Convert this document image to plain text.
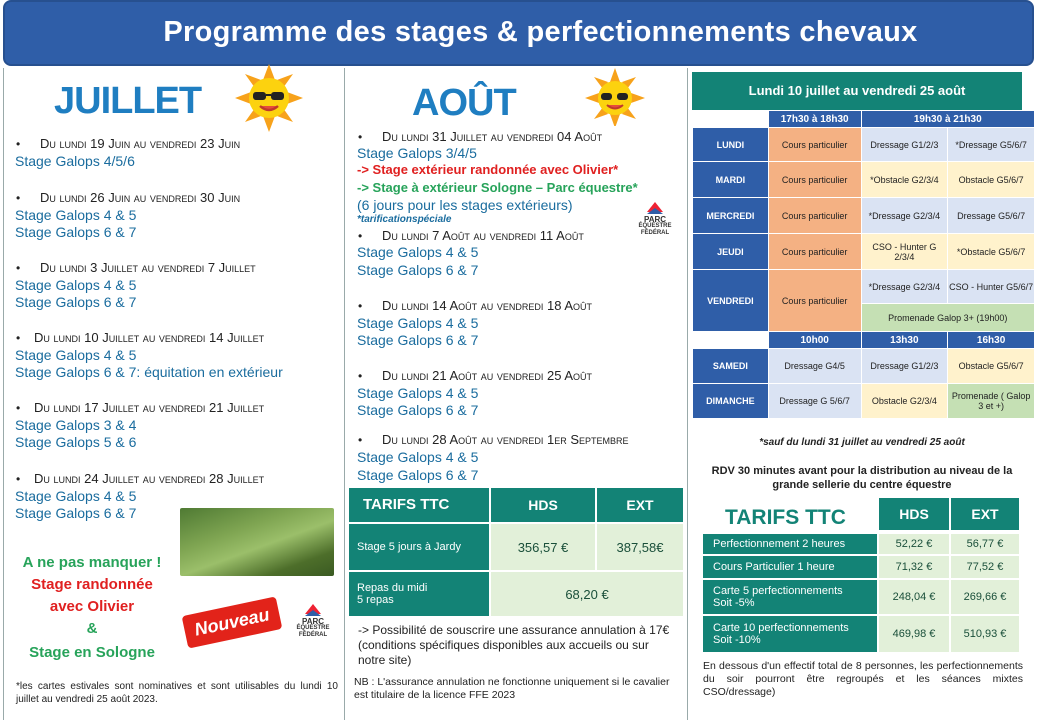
Programme des stages & perfectionnements chevaux
JUILLET
• Du lundi 19 Juin au vendredi 23 Juin
Stage Galops 4/5/6
• Du lundi 26 Juin au vendredi 30 Juin
Stage Galops 4 & 5
Stage Galops 6 & 7
• Du lundi 3 Juillet au vendredi 7 Juillet
Stage Galops 4 & 5
Stage Galops 6 & 7
• Du lundi 10 Juillet au vendredi 14 Juillet
Stage Galops 4 & 5
Stage Galops 6 & 7: équitation en extérieur
• Du lundi 17 Juillet au vendredi 21 Juillet
Stage Galops 3 & 4
Stage Galops 5 & 6
• Du lundi 24 Juillet au vendredi 28 Juillet
Stage Galops 4 & 5
Stage Galops 6 & 7
A ne pas manquer !
Stage randonnée
avec Olivier
&
Stage en Sologne
Nouveau	PARC
ÉQUESTRE
FÉDÉRAL
*les cartes estivales sont nominatives et sont utilisables du lundi 10 juillet au vendredi 25 août 2023.
AOÛT
• Du lundi 31 Juillet au vendredi 04 Août
Stage Galops 3/4/5
-> Stage extérieur randonnée avec Olivier*
-> Stage à extérieur Sologne – Parc équestre*
(6 jours pour les stages extérieurs)
*tarificationspéciale	PARC
ÉQUESTRE
FÉDÉRAL
• Du lundi 7 Août au vendredi 11 Août
Stage Galops 4 & 5
Stage Galops 6 & 7
• Du lundi 14 Août au vendredi 18 Août
Stage Galops 4 & 5
Stage Galops 6 & 7
• Du lundi 21 Août au vendredi 25 Août
Stage Galops 4 & 5
Stage Galops 6 & 7
• Du lundi 28 Août au vendredi 1er Septembre
Stage Galops 4 & 5
Stage Galops 6 & 7
TARIFS TTC	HDS	EXT
Stage 5 jours à Jardy	356,57 €	387,58€
Repas du midi
5 repas	68,20 €
-> Possibilité de souscrire une assurance annulation à 17€ (conditions spécifiques disponibles aux accueils ou sur notre site)
NB : L'assurance annulation ne fonctionne uniquement si le cavalier est titulaire de la licence FFE 2023
Lundi 10 juillet au vendredi 25 août
	17h30 à 18h30	19h30 à 21h30	
LUNDI	Cours particulier	Dressage G1/2/3	*Dressage G5/6/7
MARDI	Cours particulier	*Obstacle G2/3/4	Obstacle G5/6/7
MERCREDI	Cours particulier	*Dressage G2/3/4	Dressage G5/6/7
JEUDI	Cours particulier	CSO - Hunter G 2/3/4	*Obstacle G5/6/7
VENDREDI	Cours particulier	*Dressage G2/3/4	CSO - Hunter G5/6/7
		Promenade Galop 3+ (19h00)	
	10h00	13h30	16h30
SAMEDI	Dressage G4/5	Dressage G1/2/3	Obstacle G5/6/7
DIMANCHE	Dressage G 5/6/7	Obstacle G2/3/4	Promenade ( Galop 3 et +)
*sauf du lundi 31 juillet au vendredi 25 août
RDV 30 minutes avant pour la distribution au niveau de la grande sellerie du centre équestre
TARIFS TTC	HDS	EXT
Perfectionnement 2 heures	52,22 €	56,77 €
Cours Particulier 1 heure	71,32 €	77,52 €
Carte 5 perfectionnements
Soit -5%	248,04 €	269,66 €
Carte 10 perfectionnements
Soit -10%	469,98 €	510,93 €
En dessous d'un effectif total de 8 personnes, les perfectionnements du soir pourront être regroupés et les séances mixtes CSO/dressage)
